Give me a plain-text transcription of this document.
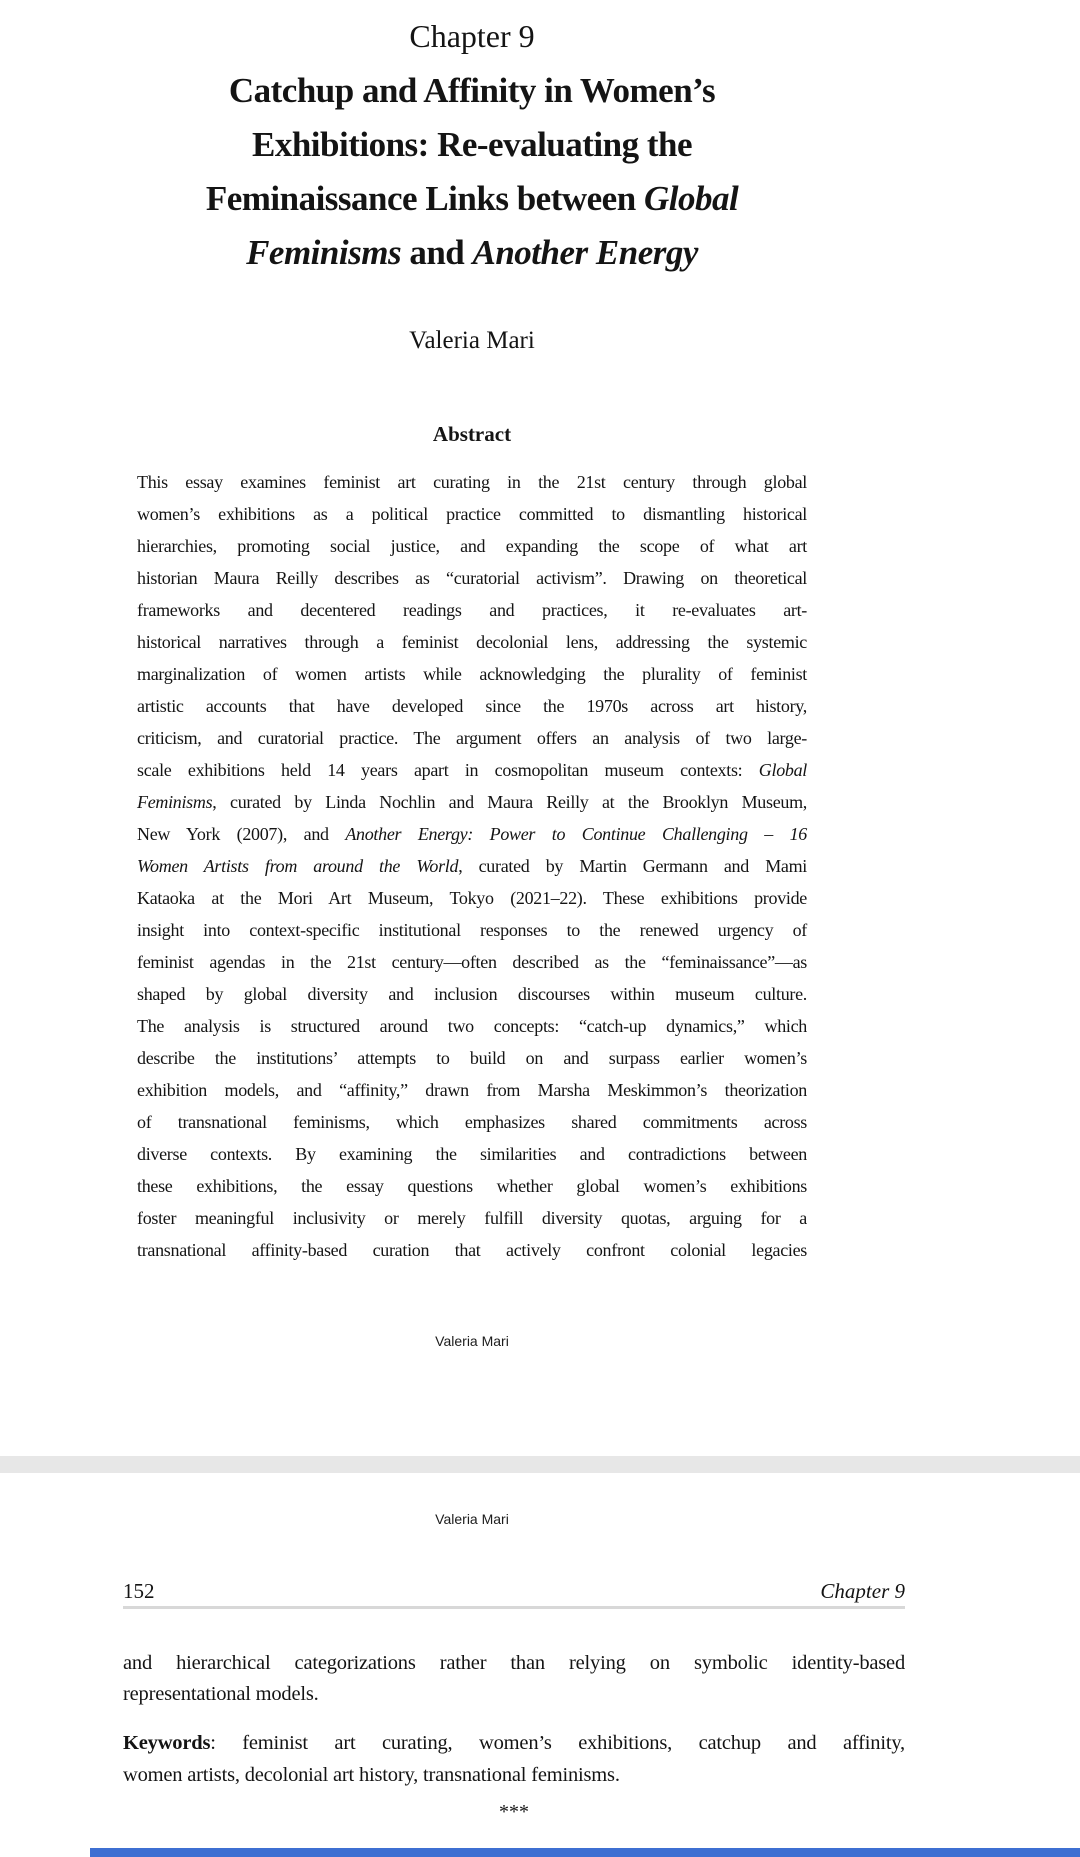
Chapter 9
Catchup and Affinity in Women’s
Exhibitions: Re-evaluating the
Feminaissance Links between Global
Feminisms and Another Energy
Valeria Mari
Abstract
This essay examines feminist art curating in the 21st century through global
women’s exhibitions as a political practice committed to dismantling historical
hierarchies, promoting social justice, and expanding the scope of what art
historian Maura Reilly describes as “curatorial activism”. Drawing on theoretical
frameworks and decentered readings and practices, it re-evaluates art-
historical narratives through a feminist decolonial lens, addressing the systemic
marginalization of women artists while acknowledging the plurality of feminist
artistic accounts that have developed since the 1970s across art history,
criticism, and curatorial practice. The argument offers an analysis of two large-
scale exhibitions held 14 years apart in cosmopolitan museum contexts: Global
Feminisms, curated by Linda Nochlin and Maura Reilly at the Brooklyn Museum,
New York (2007), and Another Energy: Power to Continue Challenging – 16
Women Artists from around the World, curated by Martin Germann and Mami
Kataoka at the Mori Art Museum, Tokyo (2021–22). These exhibitions provide
insight into context-specific institutional responses to the renewed urgency of
feminist agendas in the 21st century—often described as the “feminaissance”—as
shaped by global diversity and inclusion discourses within museum culture.
The analysis is structured around two concepts: “catch-up dynamics,” which
describe the institutions’ attempts to build on and surpass earlier women’s
exhibition models, and “affinity,” drawn from Marsha Meskimmon’s theorization
of transnational feminisms, which emphasizes shared commitments across
diverse contexts. By examining the similarities and contradictions between
these exhibitions, the essay questions whether global women’s exhibitions
foster meaningful inclusivity or merely fulfill diversity quotas, arguing for a
transnational affinity-based curation that actively confront colonial legacies
Valeria Mari
Valeria Mari
152	Chapter 9
and hierarchical categorizations rather than relying on symbolic identity-based
representational models.
Keywords: feminist art curating, women’s exhibitions, catchup and affinity,
women artists, decolonial art history, transnational feminisms.
***
